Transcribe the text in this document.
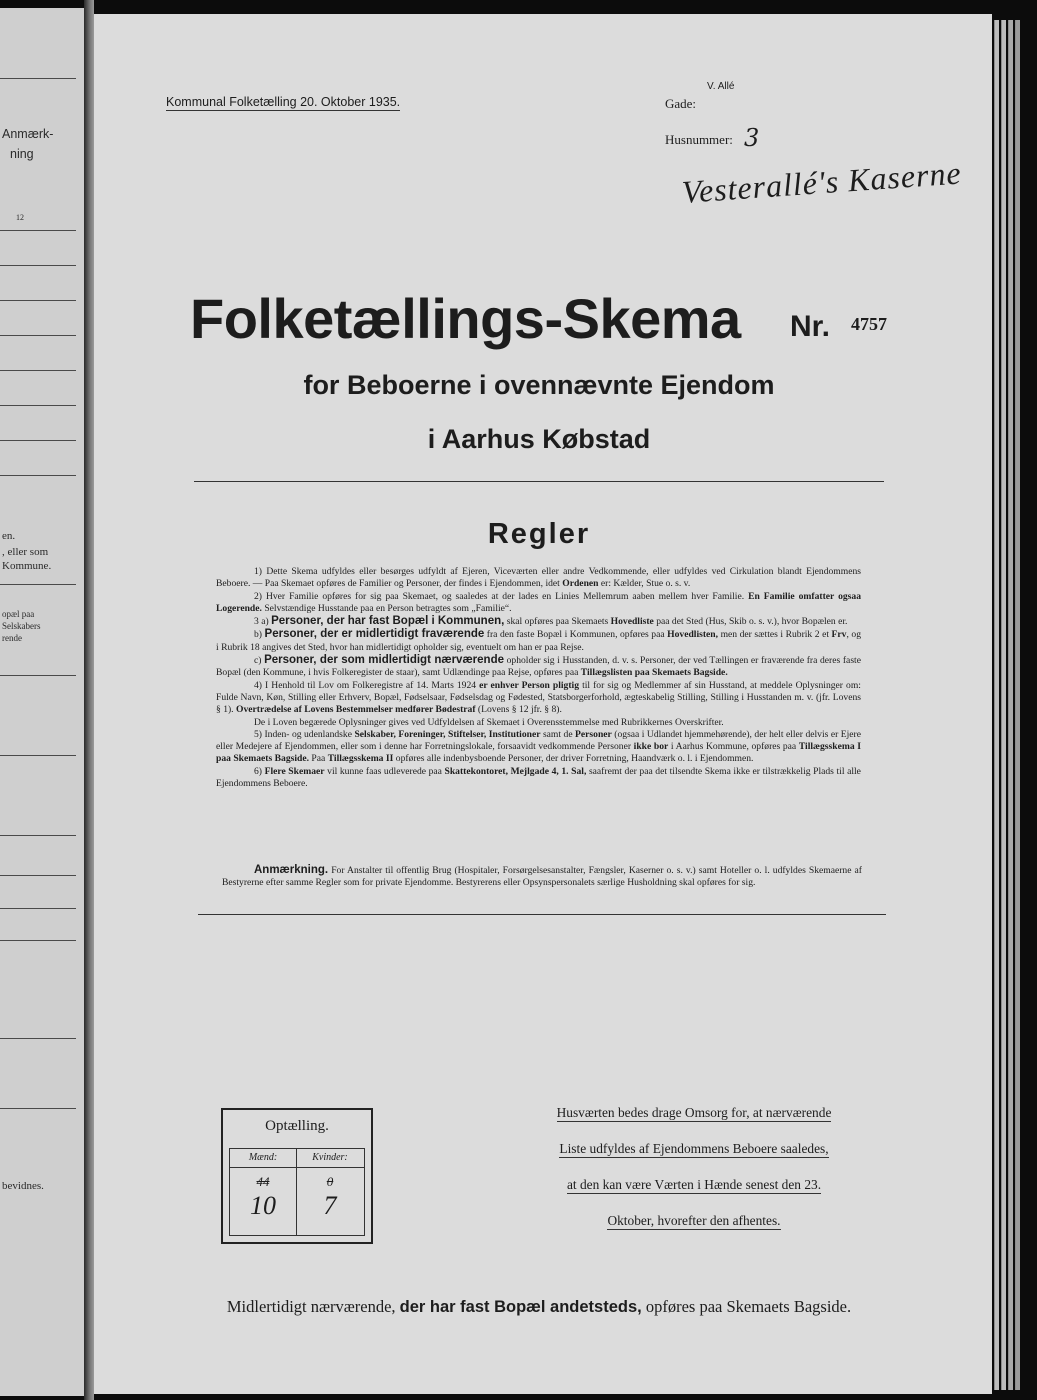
Anmærk-
ning
12
en.
, eller som
Kommune.
opæl paa
Selskabers
rende
bevidnes.
Kommunal Folketælling 20. Oktober 1935.
V. Allé
Gade:
Husnummer: 3
Vesterallé's Kaserne
Folketællings-Skema Nr. 4757
for Beboerne i ovennævnte Ejendom
i Aarhus Købstad
Regler

1) Dette Skema udfyldes eller besørges udfyldt af Ejeren, Viceværten eller andre Vedkommende, eller udfyldes ved Cirkulation blandt Ejendommens Beboere. — Paa Skemaet opføres de Familier og Personer, der findes i Ejendommen, idet Ordenen er: Kælder, Stue o. s. v.

2) Hver Familie opføres for sig paa Skemaet, og saaledes at der lades en Linies Mellemrum aaben mellem hver Familie. En Familie omfatter ogsaa Logerende. Selvstændige Husstande paa en Person betragtes som „Familie“.

3 a) Personer, der har fast Bopæl i Kommunen, skal opføres paa Skemaets Hovedliste paa det Sted (Hus, Skib o. s. v.), hvor Bopælen er.

b) Personer, der er midlertidigt fraværende fra den faste Bopæl i Kommunen, opføres paa Hovedlisten, men der sættes i Rubrik 2 et Frv, og i Rubrik 18 angives det Sted, hvor han midlertidigt opholder sig, eventuelt om han er paa Rejse.

c) Personer, der som midlertidigt nærværende opholder sig i Husstanden, d. v. s. Personer, der ved Tællingen er fraværende fra deres faste Bopæl (den Kommune, i hvis Folkeregister de staar), samt Udlændinge paa Rejse, opføres paa Tillægslisten paa Skemaets Bagside.

4) I Henhold til Lov om Folkeregistre af 14. Marts 1924 er enhver Person pligtig til for sig og Medlemmer af sin Husstand, at meddele Oplysninger om: Fulde Navn, Køn, Stilling eller Erhverv, Bopæl, Fødselsaar, Fødselsdag og Fødested, Statsborgerforhold, ægteskabelig Stilling, Stilling i Husstanden m. v. (jfr. Lovens § 1). Overtrædelse af Lovens Bestemmelser medfører Bødestraf (Lovens § 12 jfr. § 8).

De i Loven begærede Oplysninger gives ved Udfyldelsen af Skemaet i Overensstemmelse med Rubrikkernes Overskrifter.

5) Inden- og udenlandske Selskaber, Foreninger, Stiftelser, Institutioner samt de Personer (ogsaa i Udlandet hjemmehørende), der helt eller delvis er Ejere eller Medejere af Ejendommen, eller som i denne har Forretningslokale, forsaavidt vedkommende Personer ikke bor i Aarhus Kommune, opføres paa Tillægsskema I paa Skemaets Bagside. Paa Tillægsskema II opføres alle indenbysboende Personer, der driver Forretning, Haandværk o. l. i Ejendommen.

6) Flere Skemaer vil kunne faas udleverede paa Skattekontoret, Mejlgade 4, 1. Sal, saafremt der paa det tilsendte Skema ikke er tilstrækkelig Plads til alle Ejendommens Beboere.

Anmærkning. For Anstalter til offentlig Brug (Hospitaler, Forsørgelsesanstalter, Fængsler, Kaserner o. s. v.) samt Hoteller o. l. udfyldes Skemaerne af Bestyrerne efter samme Regler som for private Ejendomme. Bestyrerens eller Opsynspersonalets særlige Husholdning skal opføres for sig.
Optælling.
Mænd:	Kvinder:
44	0
10	7
Husværten bedes drage Omsorg for, at nærværende
Liste udfyldes af Ejendommens Beboere saaledes,
at den kan være Værten i Hænde senest den 23.
Oktober, hvorefter den afhentes.
Midlertidigt nærværende, der har fast Bopæl andetsteds, opføres paa Skemaets Bagside.
